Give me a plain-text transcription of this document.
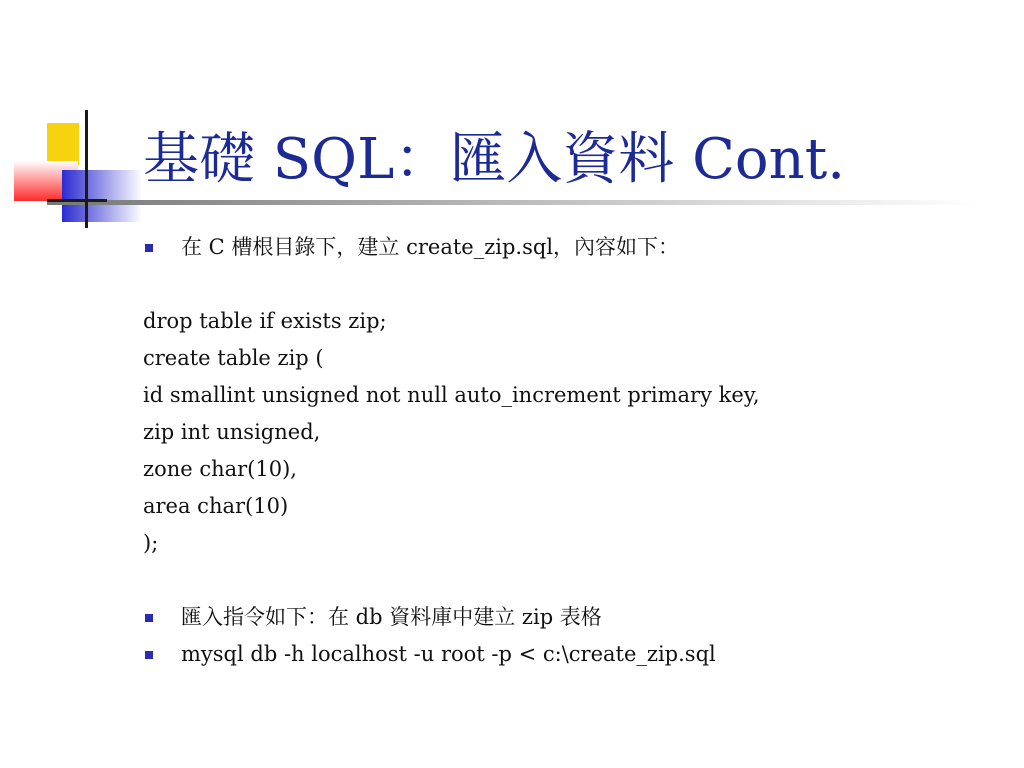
基礎 SQL：匯入資料 Cont.
在 C 槽根目錄下，建立 create_zip.sql，內容如下：
drop table if exists zip;
create table zip (
id smallint unsigned not null auto_increment primary key,
zip int unsigned,
zone char(10),
area char(10)
);
匯入指令如下：在 db 資料庫中建立 zip 表格
mysql db -h localhost -u root -p < c:\create_zip.sql
